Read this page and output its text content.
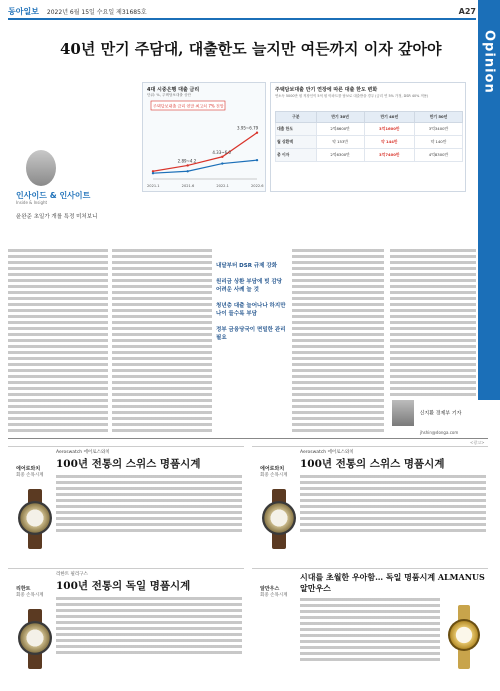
동아일보 2022년 6월 15일 수요일 제31685호	A27
Opinion
40년 만기 주담대, 대출한도 늘지만 여든까지 이자 갚아야
인사이드 & 인사이트
Inside & Insight
윤완준 초일가 개를 특정 미처보니
4대 시중은행 대출 금리
단위: %, 주택담보대출 상단
주택담보대출 금리 연말 최고치 7% 전망
2.89~4.2
4.33~6.0
3.95~6.79
2021.1	2021.6	2022.1	2022.6
주택담보대출 만기 연장에 따른 대출 한도 변화
연소득 5000만 원 직장인이 5억 원 아파트를 담보로 대출받을 경우 (금리 연 5% 가정, DSR 40% 적용)
구분	만기 30년	만기 40년	만기 50년
대출 한도	2억8600만	3억1600만	3억3400만
월 상환액	약 153만	약 144만	약 140만
총 이자	2억6300만	3억7400만	4억8300만
내달부터 DSR 규제 강화
원리금 상환 부담에 빚 감당 어려운 사례 늘 것
청년층 대출 늘어나나 하지만 나이 들수록 부담
정부 금융당국이 면밀한 관리 필요
신지환 경제부 기자
jhshin@donga.com
<광고>
에어로와치
회중 손목시계
Aeroswatch 에어로스와치
100년 전통의 스위스 명품시계	에어로와치
회중 손목시계
Aeroswatch 에어로스와치
100년 전통의 스위스 명품시계
리한트
회중 손목시계
리한트 필리구스
100년 전통의 독일 명품시계	알만우스
회중 손목시계
시대를 초월한 우아함… 독일 명품시계 ALMANUS 알만우스
